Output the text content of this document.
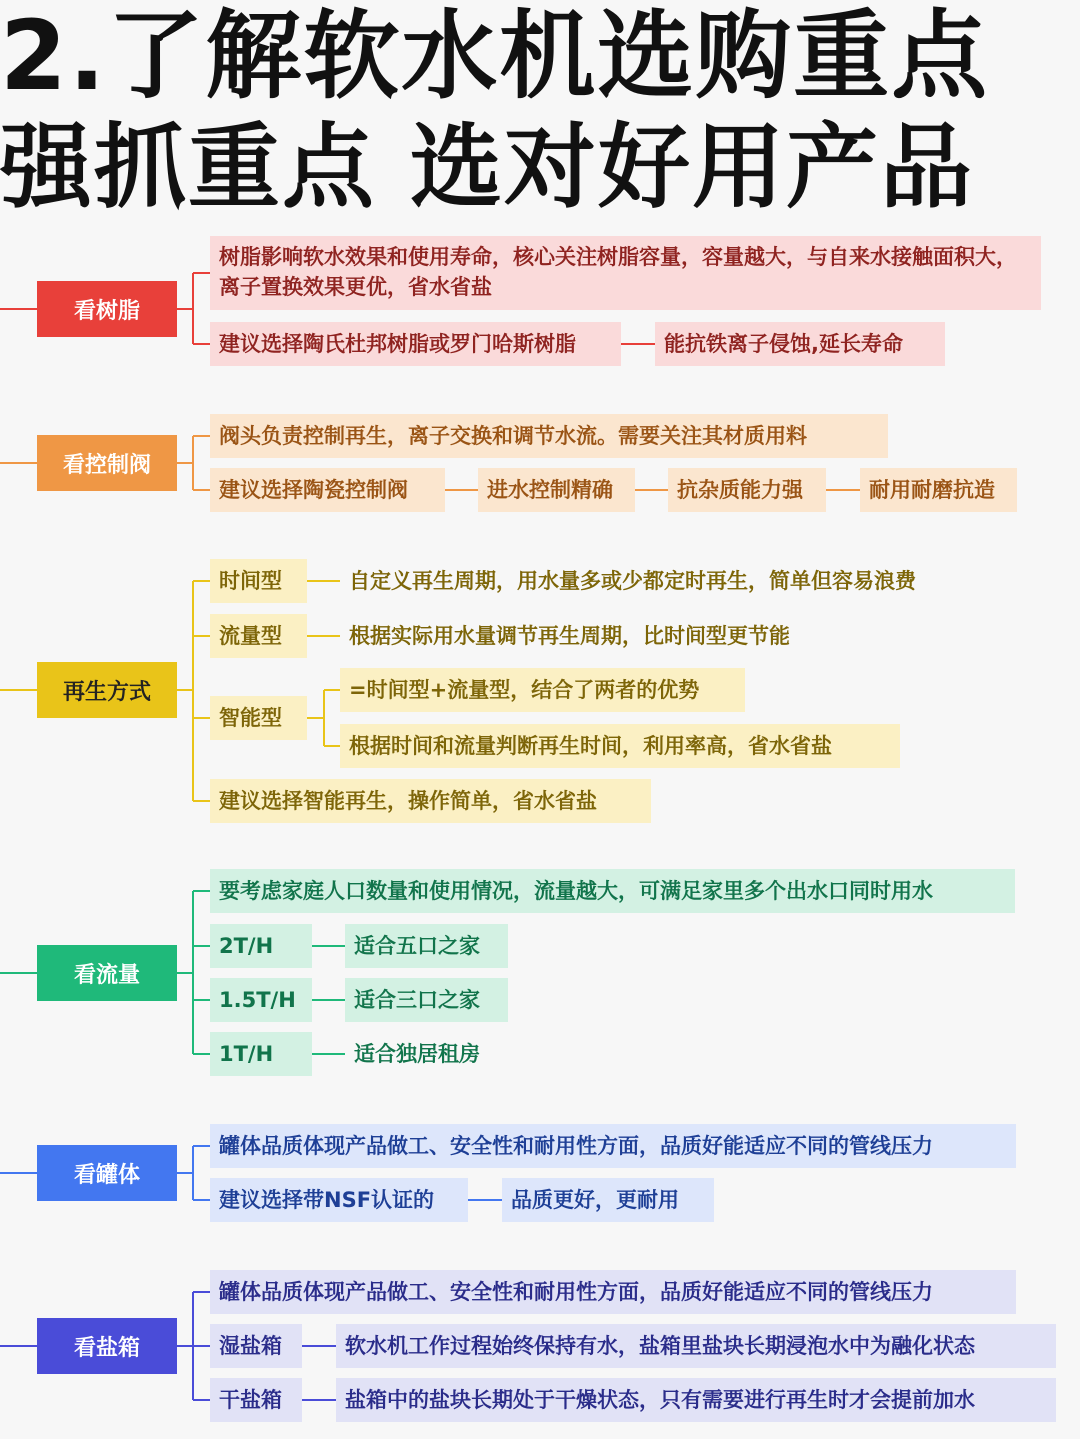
2.了解软水机选购重点
强抓重点 选对好用产品
看树脂
树脂影响软水效果和使用寿命，核心关注树脂容量，容量越大，与自来水接触面积大，离子置换效果更优，省水省盐
建议选择陶氏杜邦树脂或罗门哈斯树脂	能抗铁离子侵蚀,延长寿命
看控制阀
阀头负责控制再生，离子交换和调节水流。需要关注其材质用料
建议选择陶瓷控制阀	进水控制精确	抗杂质能力强	耐用耐磨抗造
再生方式
时间型	自定义再生周期，用水量多或少都定时再生，简单但容易浪费
流量型	根据实际用水量调节再生周期，比时间型更节能
智能型
=时间型+流量型，结合了两者的优势
根据时间和流量判断再生时间，利用率高，省水省盐
建议选择智能再生，操作简单，省水省盐
看流量
要考虑家庭人口数量和使用情况，流量越大，可满足家里多个出水口同时用水
2T/H	适合五口之家
1.5T/H	适合三口之家
1T/H	适合独居租房
看罐体
罐体品质体现产品做工、安全性和耐用性方面，品质好能适应不同的管线压力
建议选择带NSF认证的	品质更好，更耐用
看盐箱
罐体品质体现产品做工、安全性和耐用性方面，品质好能适应不同的管线压力
湿盐箱	软水机工作过程始终保持有水，盐箱里盐块长期浸泡水中为融化状态
干盐箱	盐箱中的盐块长期处于干燥状态，只有需要进行再生时才会提前加水
